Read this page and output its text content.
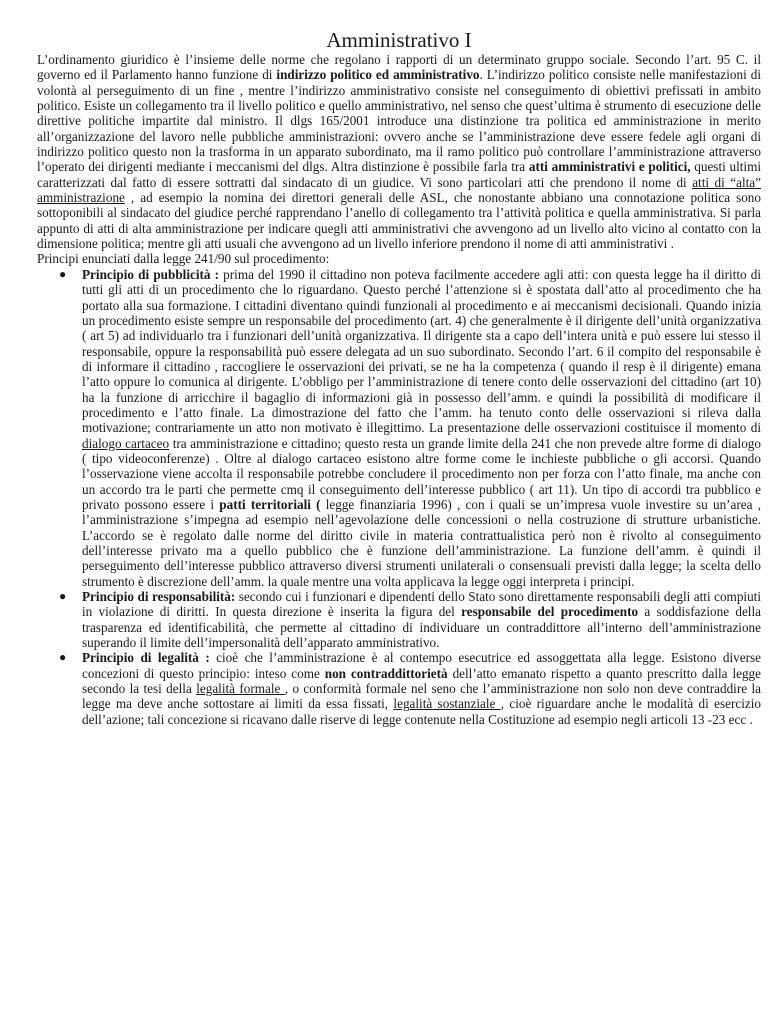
Amministrativo I

L’ordinamento giuridico è l’insieme delle norme che regolano i rapporti di un determinato gruppo sociale. Secondo l’art. 95 C. il governo ed il Parlamento hanno funzione di indirizzo politico ed amministrativo. L’indirizzo politico consiste nelle manifestazioni di volontà al perseguimento di un fine , mentre l’indirizzo amministrativo consiste nel conseguimento di obiettivi prefissati in ambito politico. Esiste un collegamento tra il livello politico e quello amministrativo, nel senso che quest’ultima è strumento di esecuzione delle direttive politiche impartite dal ministro. Il dlgs 165/2001 introduce una distinzione tra politica ed amministrazione in merito all’organizzazione del lavoro nelle pubbliche amministrazioni: ovvero anche se l’amministrazione deve essere fedele agli organi di indirizzo politico questo non la trasforma in un apparato subordinato, ma il ramo politico può controllare l’amministrazione attraverso l’operato dei dirigenti mediante i meccanismi del dlgs. Altra distinzione è possibile farla tra atti amministrativi e politici, questi ultimi caratterizzati dal fatto di essere sottratti dal sindacato di un giudice. Vi sono particolari atti che prendono il nome di atti di “alta” amministrazione , ad esempio la nomina dei direttori generali delle ASL, che nonostante abbiano una connotazione politica sono sottoponibili al sindacato del giudice perché rapprendano l’anello di collegamento tra l’attività politica e quella amministrativa. Si parla appunto di atti di alta amministrazione per indicare quegli atti amministrativi che avvengono ad un livello alto vicino al contatto con la dimensione politica; mentre gli atti usuali che avvengono ad un livello inferiore prendono il nome di atti amministrativi .

Principi enunciati dalla legge 241/90 sul procedimento:

● Principio di pubblicità : prima del 1990 il cittadino non poteva facilmente accedere agli atti: con questa legge ha il diritto di tutti gli atti di un procedimento che lo riguardano. Questo perché l’attenzione si è spostata dall’atto al procedimento che ha portato alla sua formazione. I cittadini diventano quindi funzionali al procedimento e ai meccanismi decisionali. Quando inizia un procedimento esiste sempre un responsabile del procedimento (art. 4) che generalmente è il dirigente dell’unità organizzativa ( art 5) ad individuarlo tra i funzionari dell’unità organizzativa. Il dirigente sta a capo dell’intera unità e può essere lui stesso il responsabile, oppure la responsabilità può essere delegata ad un suo subordinato. Secondo l’art. 6 il compito del responsabile è di informare il cittadino , raccogliere le osservazioni dei privati, se ne ha la competenza ( quando il resp è il dirigente) emana l’atto oppure lo comunica al dirigente. L’obbligo per l’amministrazione di tenere conto delle osservazioni del cittadino (art 10) ha la funzione di arricchire il bagaglio di informazioni già in possesso dell’amm. e quindi la possibilità di modificare il procedimento e l’atto finale. La dimostrazione del fatto che l’amm. ha tenuto conto delle osservazioni si rileva dalla motivazione; contrariamente un atto non motivato è illegittimo. La presentazione delle osservazioni costituisce il momento di dialogo cartaceo tra amministrazione e cittadino; questo resta un grande limite della 241 che non prevede altre forme di dialogo ( tipo videoconferenze) . Oltre al dialogo cartaceo esistono altre forme come le inchieste pubbliche o gli accorsi. Quando l’osservazione viene accolta il responsabile potrebbe concludere il procedimento non per forza con l’atto finale, ma anche con un accordo tra le parti che permette cmq il conseguimento dell’interesse pubblico ( art 11). Un tipo di accordi tra pubblico e privato possono essere i patti territoriali ( legge finanziaria 1996) , con i quali se un’impresa vuole investire su un’area , l’amministrazione s’impegna ad esempio nell’agevolazione delle concessioni o nella costruzione di strutture urbanistiche. L’accordo se è regolato dalle norme del diritto civile in materia contrattualistica però non è rivolto al conseguimento dell’interesse privato ma a quello pubblico che è funzione dell’amministrazione. La funzione dell’amm. è quindi il perseguimento dell’interesse pubblico attraverso diversi strumenti unilaterali o consensuali previsti dalla legge; la scelta dello strumento è discrezione dell’amm. la quale mentre una volta applicava la legge oggi interpreta i principi.

● Principio di responsabilità: secondo cui i funzionari e dipendenti dello Stato sono direttamente responsabili degli atti compiuti in violazione di diritti. In questa direzione è inserita la figura del responsabile del procedimento a soddisfazione della trasparenza ed identificabilità, che permette al cittadino di individuare un contraddittore all’interno dell’amministrazione superando il limite dell’impersonalità dell’apparato amministrativo.

● Principio di legalità : cioè che l’amministrazione è al contempo esecutrice ed assoggettata alla legge. Esistono diverse concezioni di questo principio: inteso come non contraddittorietà dell’atto emanato rispetto a quanto prescritto dalla legge secondo la tesi della legalità formale , o conformità formale nel seno che l’amministrazione non solo non deve contraddire la legge ma deve anche sottostare ai limiti da essa fissati, legalità sostanziale , cioè riguardare anche le modalità di esercizio dell’azione; tali concezione si ricavano dalle riserve di legge contenute nella Costituzione ad esempio negli articoli 13 -23 ecc .
